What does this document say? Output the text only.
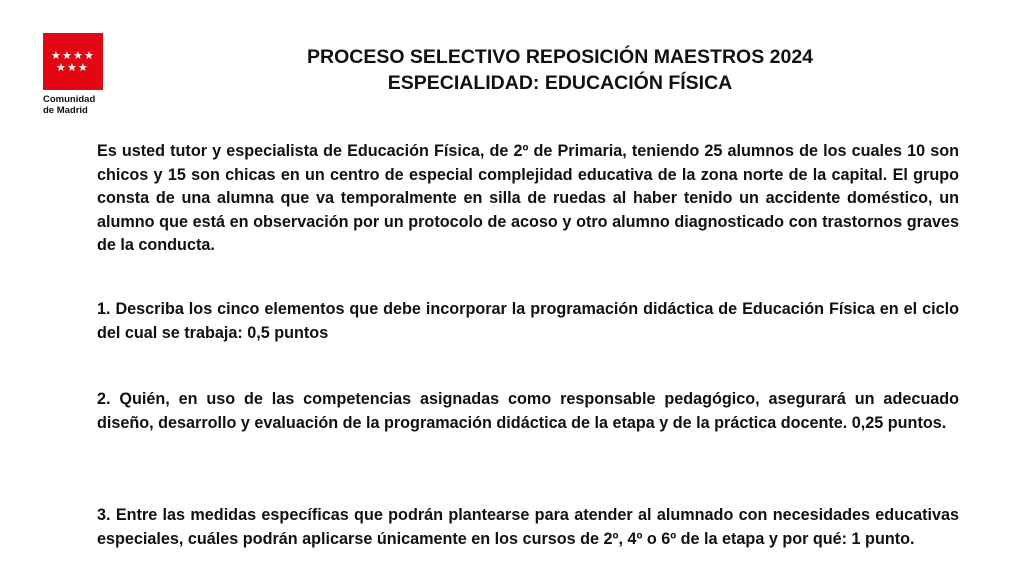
★ ★ ★ ★
★ ★ ★
Comunidad
de Madrid
PROCESO SELECTIVO REPOSICIÓN MAESTROS 2024
ESPECIALIDAD: EDUCACIÓN FÍSICA
Es usted tutor y especialista de Educación Física, de 2º de Primaria, teniendo 25 alumnos de los cuales 10 son chicos y 15 son chicas en un centro de especial complejidad educativa de la zona norte de la capital. El grupo consta de una alumna que va temporalmente en silla de ruedas al haber tenido un accidente doméstico, un alumno que está en observación por un protocolo de acoso y otro alumno diagnosticado con trastornos graves de la conducta.
1. Describa los cinco elementos que debe incorporar la programación didáctica de Educación Física en el ciclo del cual se trabaja: 0,5 puntos
2. Quién, en uso de las competencias asignadas como responsable pedagógico, asegurará un adecuado diseño, desarrollo y evaluación de la programación didáctica de la etapa y de la práctica docente. 0,25 puntos.
3. Entre las medidas específicas que podrán plantearse para atender al alumnado con necesidades educativas especiales, cuáles podrán aplicarse únicamente en los cursos de 2º, 4º o 6º de la etapa y por qué: 1 punto.
